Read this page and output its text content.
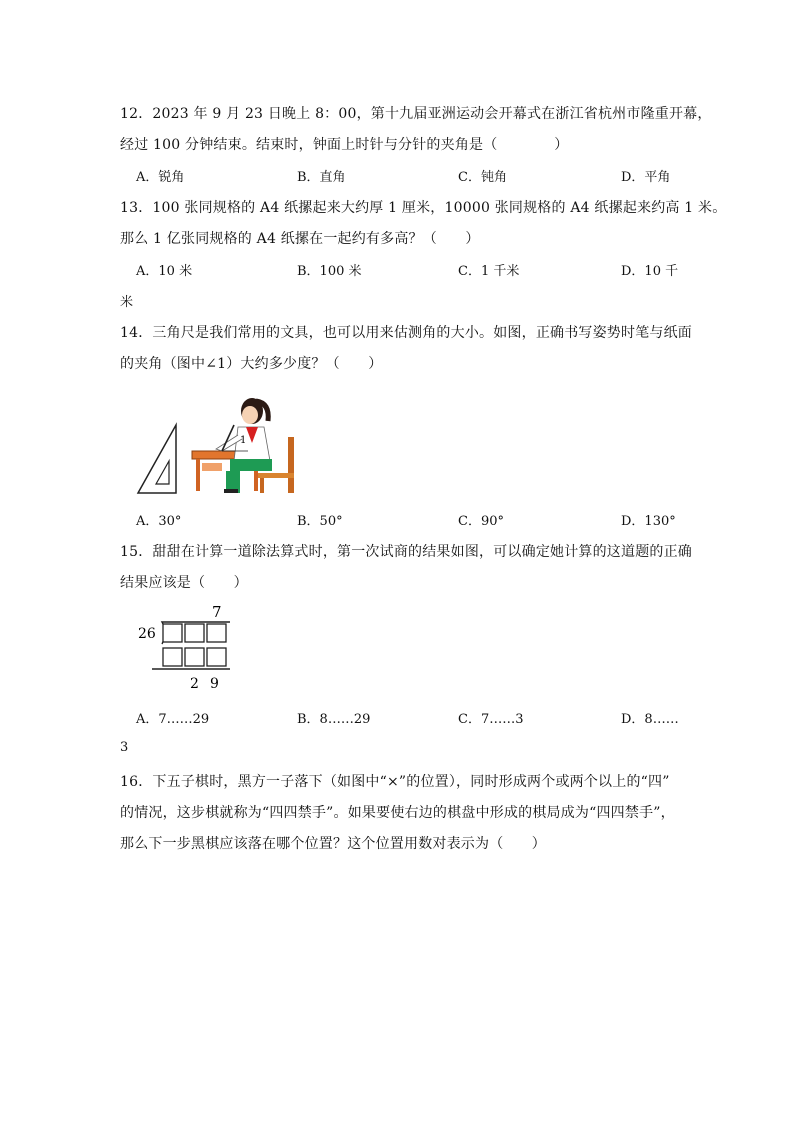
12．2023 年 9 月 23 日晚上 8：00，第十九届亚洲运动会开幕式在浙江省杭州市隆重开幕，
经过 100 分钟结束。结束时，钟面上时针与分针的夹角是（　　　　）
A．锐角	B．直角	C．钝角	D．平角
13．100 张同规格的 A4 纸摞起来大约厚 1 厘米，10000 张同规格的 A4 纸摞起来约高 1 米。
那么 1 亿张同规格的 A4 纸摞在一起约有多高？（　　）
A．10 米	B．100 米	C．1 千米	D．10 千
米
14．三角尺是我们常用的文具，也可以用来估测角的大小。如图，正确书写姿势时笔与纸面
的夹角（图中∠1）大约多少度？（　　）
1
A．30°	B．50°	C．90°	D．130°
15．甜甜在计算一道除法算式时，第一次试商的结果如图，可以确定她计算的这道题的正确
结果应该是（　　）
7
26
2 9
A．7……29	B．8……29	C．7……3	D．8……
3
16．下五子棋时，黑方一子落下（如图中“×”的位置），同时形成两个或两个以上的“四”
的情况，这步棋就称为“四四禁手”。如果要使右边的棋盘中形成的棋局成为“四四禁手”，
那么下一步黑棋应该落在哪个位置？这个位置用数对表示为（　　）
